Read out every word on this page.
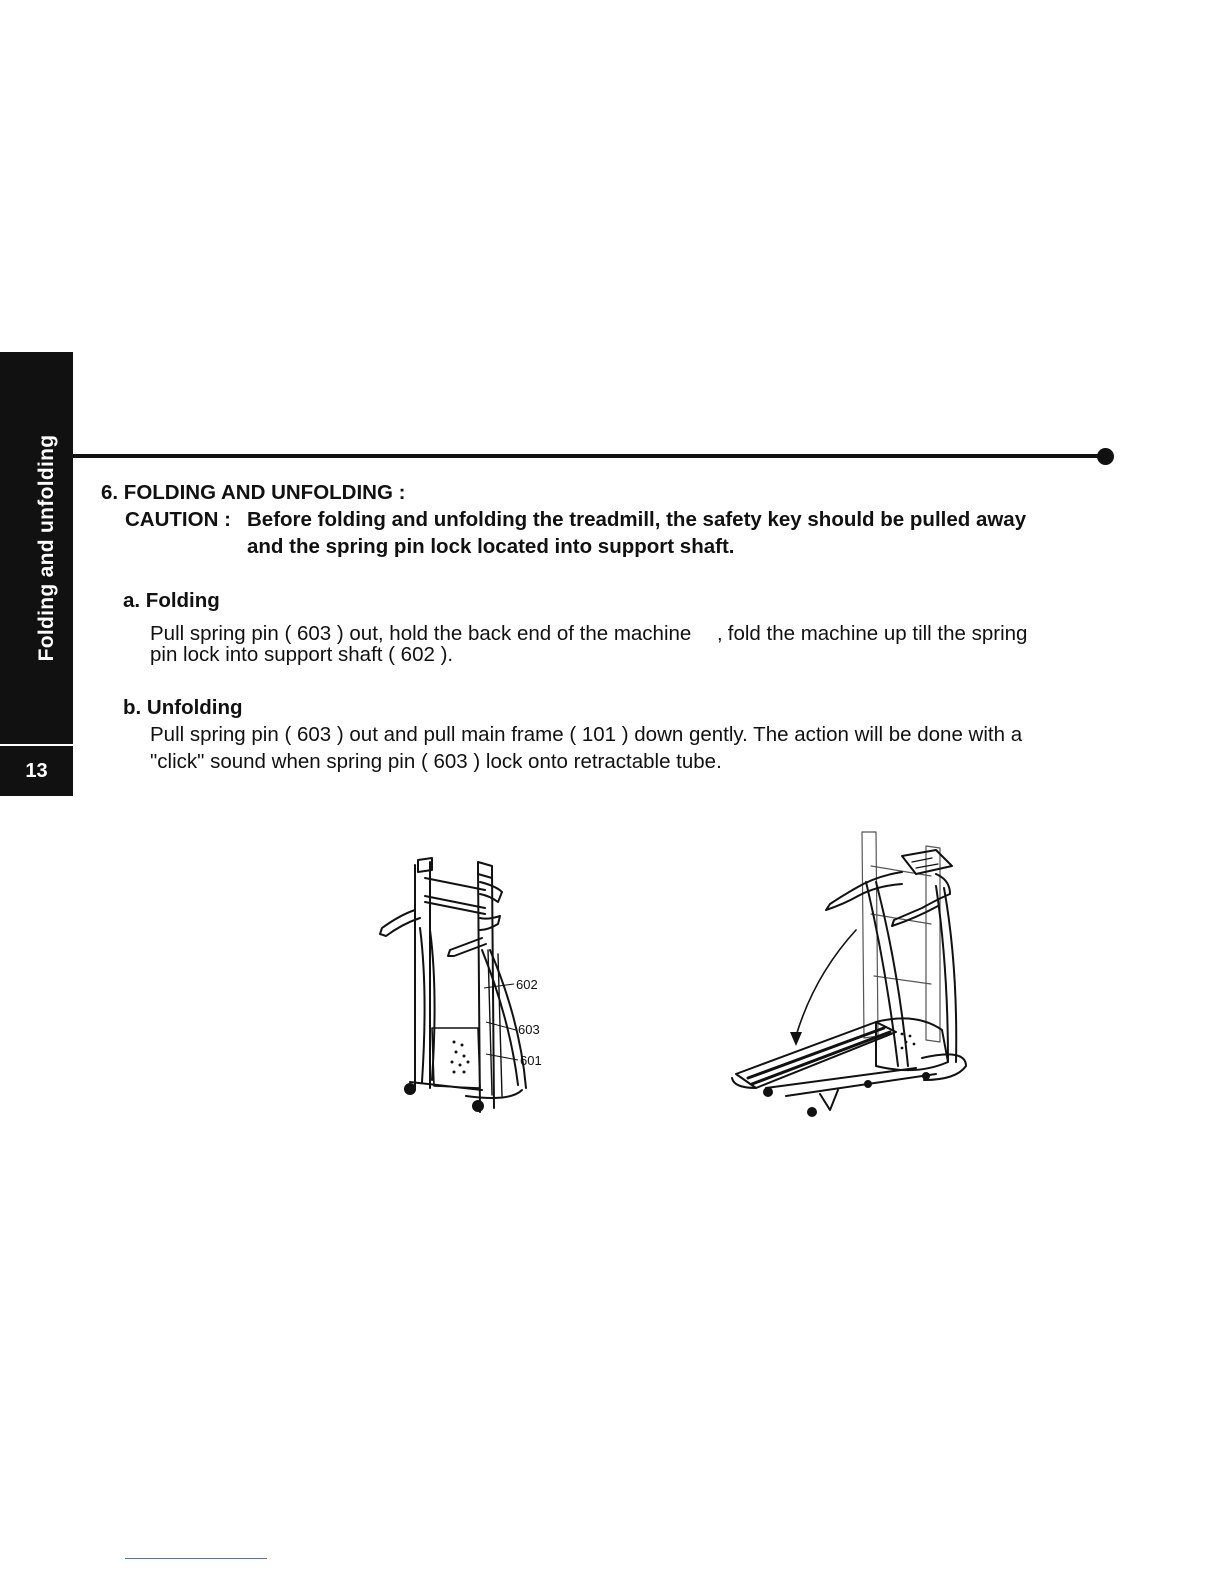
Folding and unfolding
13
6. FOLDING AND UNFOLDING :
CAUTION : Before folding and unfolding the treadmill, the safety key should be pulled away
and the spring pin lock located into support shaft.
a. Folding
Pull spring pin ( 603 ) out, hold the back end of the machine 　‚ fold the machine up till the spring
pin lock into support shaft ( 602 ).
b. Unfolding
Pull spring pin ( 603 ) out and pull main frame ( 101 ) down gently. The action will be done with a
"click" sound when spring pin ( 603 ) lock onto retractable tube.
602
603
601
